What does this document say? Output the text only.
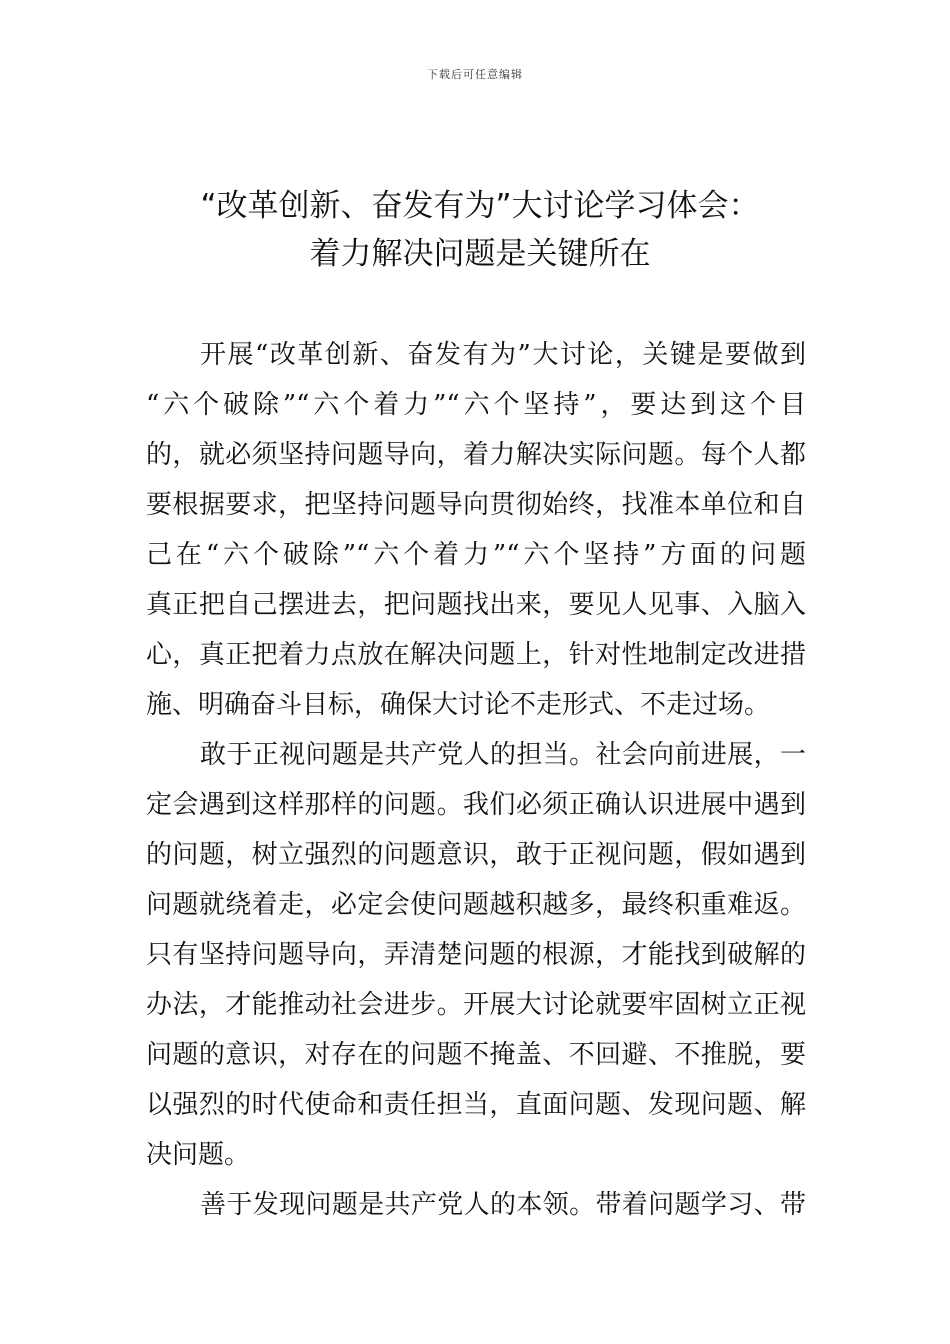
下载后可任意编辑
“改革创新、奋发有为”大讨论学习体会：
着力解决问题是关键所在
开展“改革创新、奋发有为”大讨论，关键是要做到
“六个破除”“六个着力”“六个坚持”，要达到这个目
的，就必须坚持问题导向，着力解决实际问题。每个人都
要根据要求，把坚持问题导向贯彻始终，找准本单位和自
己在“六个破除”“六个着力”“六个坚持”方面的问题
真正把自己摆进去，把问题找出来，要见人见事、入脑入
心，真正把着力点放在解决问题上，针对性地制定改进措
施、明确奋斗目标，确保大讨论不走形式、不走过场。
敢于正视问题是共产党人的担当。社会向前进展，一
定会遇到这样那样的问题。我们必须正确认识进展中遇到
的问题，树立强烈的问题意识，敢于正视问题，假如遇到
问题就绕着走，必定会使问题越积越多，最终积重难返。
只有坚持问题导向，弄清楚问题的根源，才能找到破解的
办法，才能推动社会进步。开展大讨论就要牢固树立正视
问题的意识，对存在的问题不掩盖、不回避、不推脱，要
以强烈的时代使命和责任担当，直面问题、发现问题、解
决问题。
善于发现问题是共产党人的本领。带着问题学习、带
